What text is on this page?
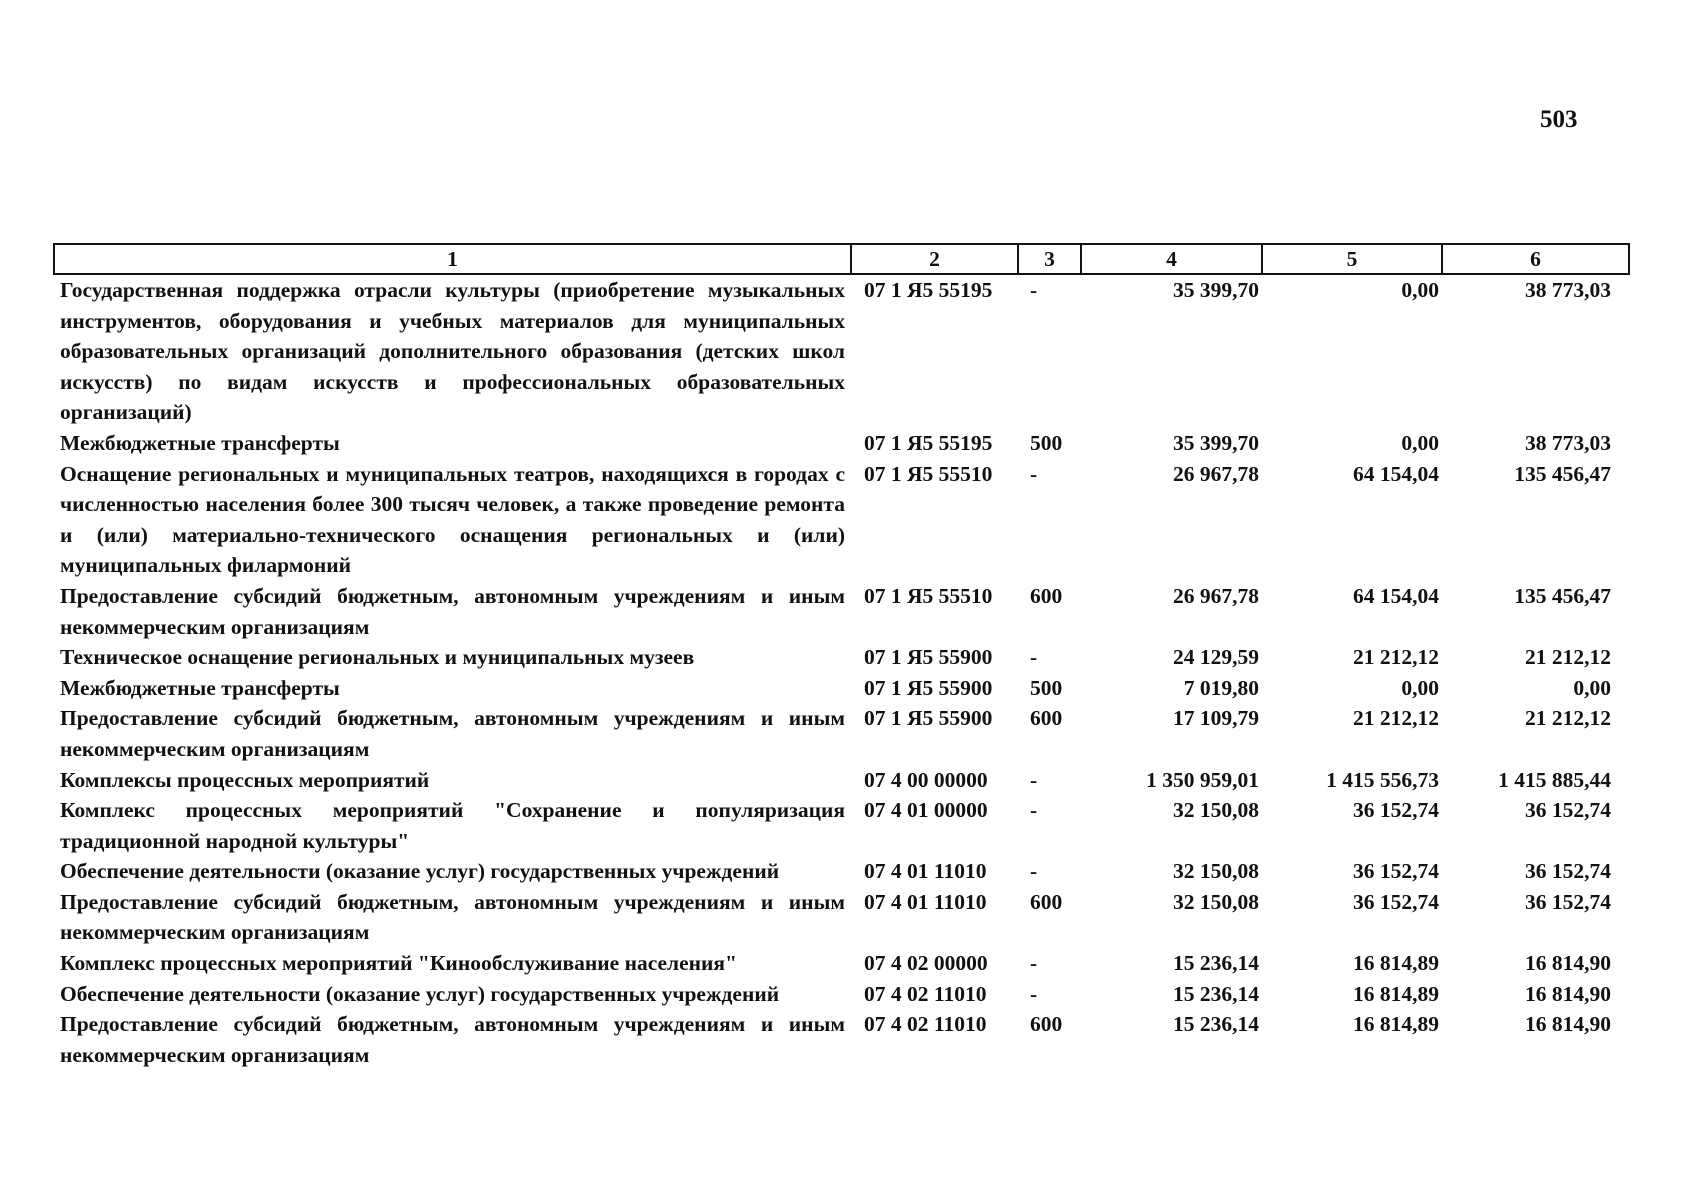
503
1	2	3	4	5	6
Государственная поддержка отрасли культуры (приобретение музыкальных инструментов, оборудования и учебных материалов для муниципальных образовательных организаций дополнительного образования (детских школ искусств) по видам искусств и профессиональных образовательных организаций)	07 1 Я5 55195	-	35 399,70	0,00	38 773,03
Межбюджетные трансферты	07 1 Я5 55195	500	35 399,70	0,00	38 773,03
Оснащение региональных и муниципальных театров, находящихся в городах с численностью населения более 300 тысяч человек, а также проведение ремонта и (или) материально-технического оснащения региональных и (или) муниципальных филармоний	07 1 Я5 55510	-	26 967,78	64 154,04	135 456,47
Предоставление субсидий бюджетным, автономным учреждениям и иным некоммерческим организациям	07 1 Я5 55510	600	26 967,78	64 154,04	135 456,47
Техническое оснащение региональных и муниципальных музеев	07 1 Я5 55900	-	24 129,59	21 212,12	21 212,12
Межбюджетные трансферты	07 1 Я5 55900	500	7 019,80	0,00	0,00
Предоставление субсидий бюджетным, автономным учреждениям и иным некоммерческим организациям	07 1 Я5 55900	600	17 109,79	21 212,12	21 212,12
Комплексы процессных мероприятий	07 4 00 00000	-	1 350 959,01	1 415 556,73	1 415 885,44
Комплекс процессных мероприятий "Сохранение и популяризация традиционной народной культуры"	07 4 01 00000	-	32 150,08	36 152,74	36 152,74
Обеспечение деятельности (оказание услуг) государственных учреждений	07 4 01 11010	-	32 150,08	36 152,74	36 152,74
Предоставление субсидий бюджетным, автономным учреждениям и иным некоммерческим организациям	07 4 01 11010	600	32 150,08	36 152,74	36 152,74
Комплекс процессных мероприятий "Кинообслуживание населения"	07 4 02 00000	-	15 236,14	16 814,89	16 814,90
Обеспечение деятельности (оказание услуг) государственных учреждений	07 4 02 11010	-	15 236,14	16 814,89	16 814,90
Предоставление субсидий бюджетным, автономным учреждениям и иным некоммерческим организациям	07 4 02 11010	600	15 236,14	16 814,89	16 814,90
